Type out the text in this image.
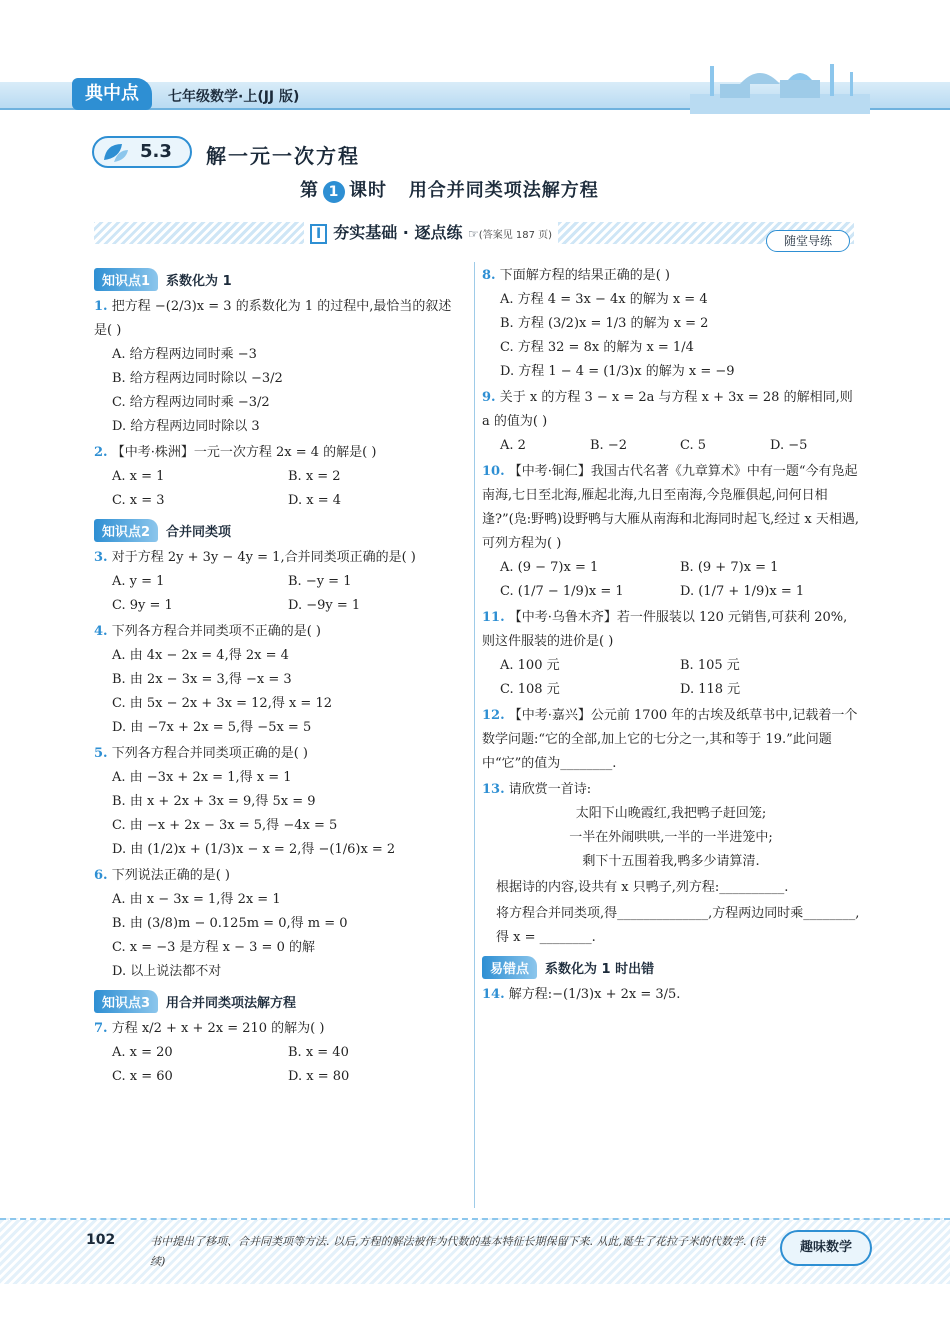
典中点	七年级数学·上(JJ 版)
5.3 解一元一次方程
第 1 课时 用合并同类项法解方程
I 夯实基础 · 逐点练 ☞(答案见 187 页)	随堂导练
知识点1	系数化为 1
1. 把方程 −(2/3)x = 3 的系数化为 1 的过程中,最恰当的叙述是( )
A. 给方程两边同时乘 −3
B. 给方程两边同时除以 −3/2
C. 给方程两边同时乘 −3/2
D. 给方程两边同时除以 3
2. 【中考·株洲】一元一次方程 2x = 4 的解是( )
A. x = 1	B. x = 2
C. x = 3	D. x = 4
知识点2	合并同类项
3. 对于方程 2y + 3y − 4y = 1,合并同类项正确的是( )
A. y = 1	B. −y = 1
C. 9y = 1	D. −9y = 1
4. 下列各方程合并同类项不正确的是( )
A. 由 4x − 2x = 4,得 2x = 4
B. 由 2x − 3x = 3,得 −x = 3
C. 由 5x − 2x + 3x = 12,得 x = 12
D. 由 −7x + 2x = 5,得 −5x = 5
5. 下列各方程合并同类项正确的是( )
A. 由 −3x + 2x = 1,得 x = 1
B. 由 x + 2x + 3x = 9,得 5x = 9
C. 由 −x + 2x − 3x = 5,得 −4x = 5
D. 由 (1/2)x + (1/3)x − x = 2,得 −(1/6)x = 2
6. 下列说法正确的是( )
A. 由 x − 3x = 1,得 2x = 1
B. 由 (3/8)m − 0.125m = 0,得 m = 0
C. x = −3 是方程 x − 3 = 0 的解
D. 以上说法都不对
知识点3	用合并同类项法解方程
7. 方程 x/2 + x + 2x = 210 的解为( )
A. x = 20	B. x = 40
C. x = 60	D. x = 80
8. 下面解方程的结果正确的是( )
A. 方程 4 = 3x − 4x 的解为 x = 4
B. 方程 (3/2)x = 1/3 的解为 x = 2
C. 方程 32 = 8x 的解为 x = 1/4
D. 方程 1 − 4 = (1/3)x 的解为 x = −9
9. 关于 x 的方程 3 − x = 2a 与方程 x + 3x = 28 的解相同,则 a 的值为( )
A. 2	B. −2	C. 5	D. −5
10. 【中考·铜仁】我国古代名著《九章算术》中有一题“今有凫起南海,七日至北海,雁起北海,九日至南海,今凫雁俱起,问何日相逢?”(凫:野鸭)设野鸭与大雁从南海和北海同时起飞,经过 x 天相遇,可列方程为( )
A. (9 − 7)x = 1	B. (9 + 7)x = 1
C. (1/7 − 1/9)x = 1	D. (1/7 + 1/9)x = 1
11. 【中考·乌鲁木齐】若一件服装以 120 元销售,可获利 20%,则这件服装的进价是( )
A. 100 元	B. 105 元
C. 108 元	D. 118 元
12. 【中考·嘉兴】公元前 1700 年的古埃及纸草书中,记载着一个数学问题:“它的全部,加上它的七分之一,其和等于 19.”此问题中“它”的值为________.
13. 请欣赏一首诗:
太阳下山晚霞红,我把鸭子赶回笼;
一半在外闹哄哄,一半的一半进笼中;
剩下十五围着我,鸭多少请算清.
根据诗的内容,设共有 x 只鸭子,列方程:__________.
将方程合并同类项,得______________,方程两边同时乘________,得 x = ________.
易错点	系数化为 1 时出错
14. 解方程:−(1/3)x + 2x = 3/5.
102	书中提出了移项、合并同类项等方法. 以后,方程的解法被作为代数的基本特征长期保留下来. 从此,诞生了花拉子米的代数学. (待续)
趣味数学
